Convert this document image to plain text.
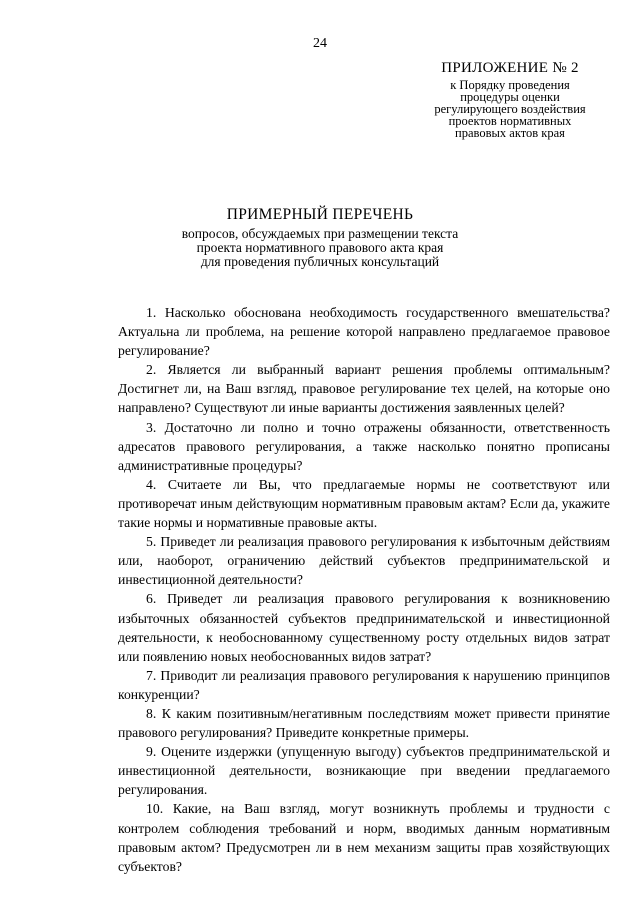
24
ПРИЛОЖЕНИЕ № 2
к Порядку проведения
процедуры оценки
регулирующего воздействия
проектов нормативных
правовых актов края
ПРИМЕРНЫЙ ПЕРЕЧЕНЬ
вопросов, обсуждаемых при размещении текста
проекта нормативного правового акта края
для проведения публичных консультаций

1. Насколько обоснована необходимость государственного вмешательства? Актуальна ли проблема, на решение которой направлено предлагаемое правовое регулирование?

2. Является ли выбранный вариант решения проблемы оптимальным? Достигнет ли, на Ваш взгляд, правовое регулирование тех целей, на которые оно направлено? Существуют ли иные варианты достижения заявленных целей?

3. Достаточно ли полно и точно отражены обязанности, ответственность адресатов правового регулирования, а также насколько понятно прописаны административные процедуры?

4. Считаете ли Вы, что предлагаемые нормы не соответствуют или противоречат иным действующим нормативным правовым актам? Если да, укажите такие нормы и нормативные правовые акты.

5. Приведет ли реализация правового регулирования к избыточным действиям или, наоборот, ограничению действий субъектов предпринимательской и инвестиционной деятельности?

6. Приведет ли реализация правового регулирования к возникновению избыточных обязанностей субъектов предпринимательской и инвестиционной деятельности, к необоснованному существенному росту отдельных видов затрат или появлению новых необоснованных видов затрат?

7. Приводит ли реализация правового регулирования к нарушению принципов конкуренции?

8. К каким позитивным/негативным последствиям может привести принятие правового регулирования? Приведите конкретные примеры.

9. Оцените издержки (упущенную выгоду) субъектов предпринимательской и инвестиционной деятельности, возникающие при введении предлагаемого регулирования.

10. Какие, на Ваш взгляд, могут возникнуть проблемы и трудности с контролем соблюдения требований и норм, вводимых данным нормативным правовым актом? Предусмотрен ли в нем механизм защиты прав хозяйствующих субъектов?
